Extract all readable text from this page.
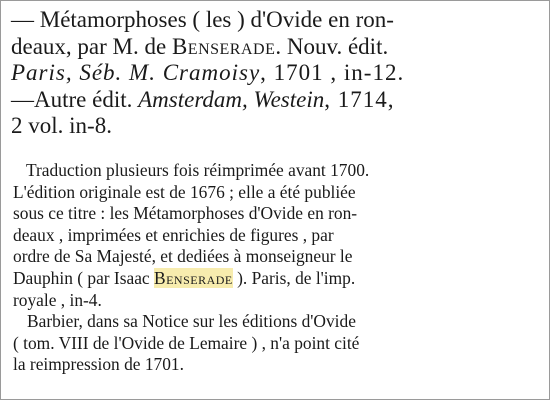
— Métamorphoses ( les ) d'Ovide en ron-
deaux, par M. de Benserade. Nouv. édit.
Paris, Séb. M. Cramoisy, 1701 , in-12.
—Autre édit. Amsterdam, Westein, 1714,
2 vol. in-8.
Traduction plusieurs fois réimprimée avant 1700.
L'édition originale est de 1676 ; elle a été publiée
sous ce titre : les Métamorphoses d'Ovide en ron-
deaux , imprimées et enrichies de figures , par
ordre de Sa Majesté, et dediées à monseigneur le
Dauphin ( par Isaac Benserade ). Paris, de l'imp.
royale , in-4.
Barbier, dans sa Notice sur les éditions d'Ovide
( tom. VIII de l'Ovide de Lemaire ) , n'a point cité
la reimpression de 1701.
